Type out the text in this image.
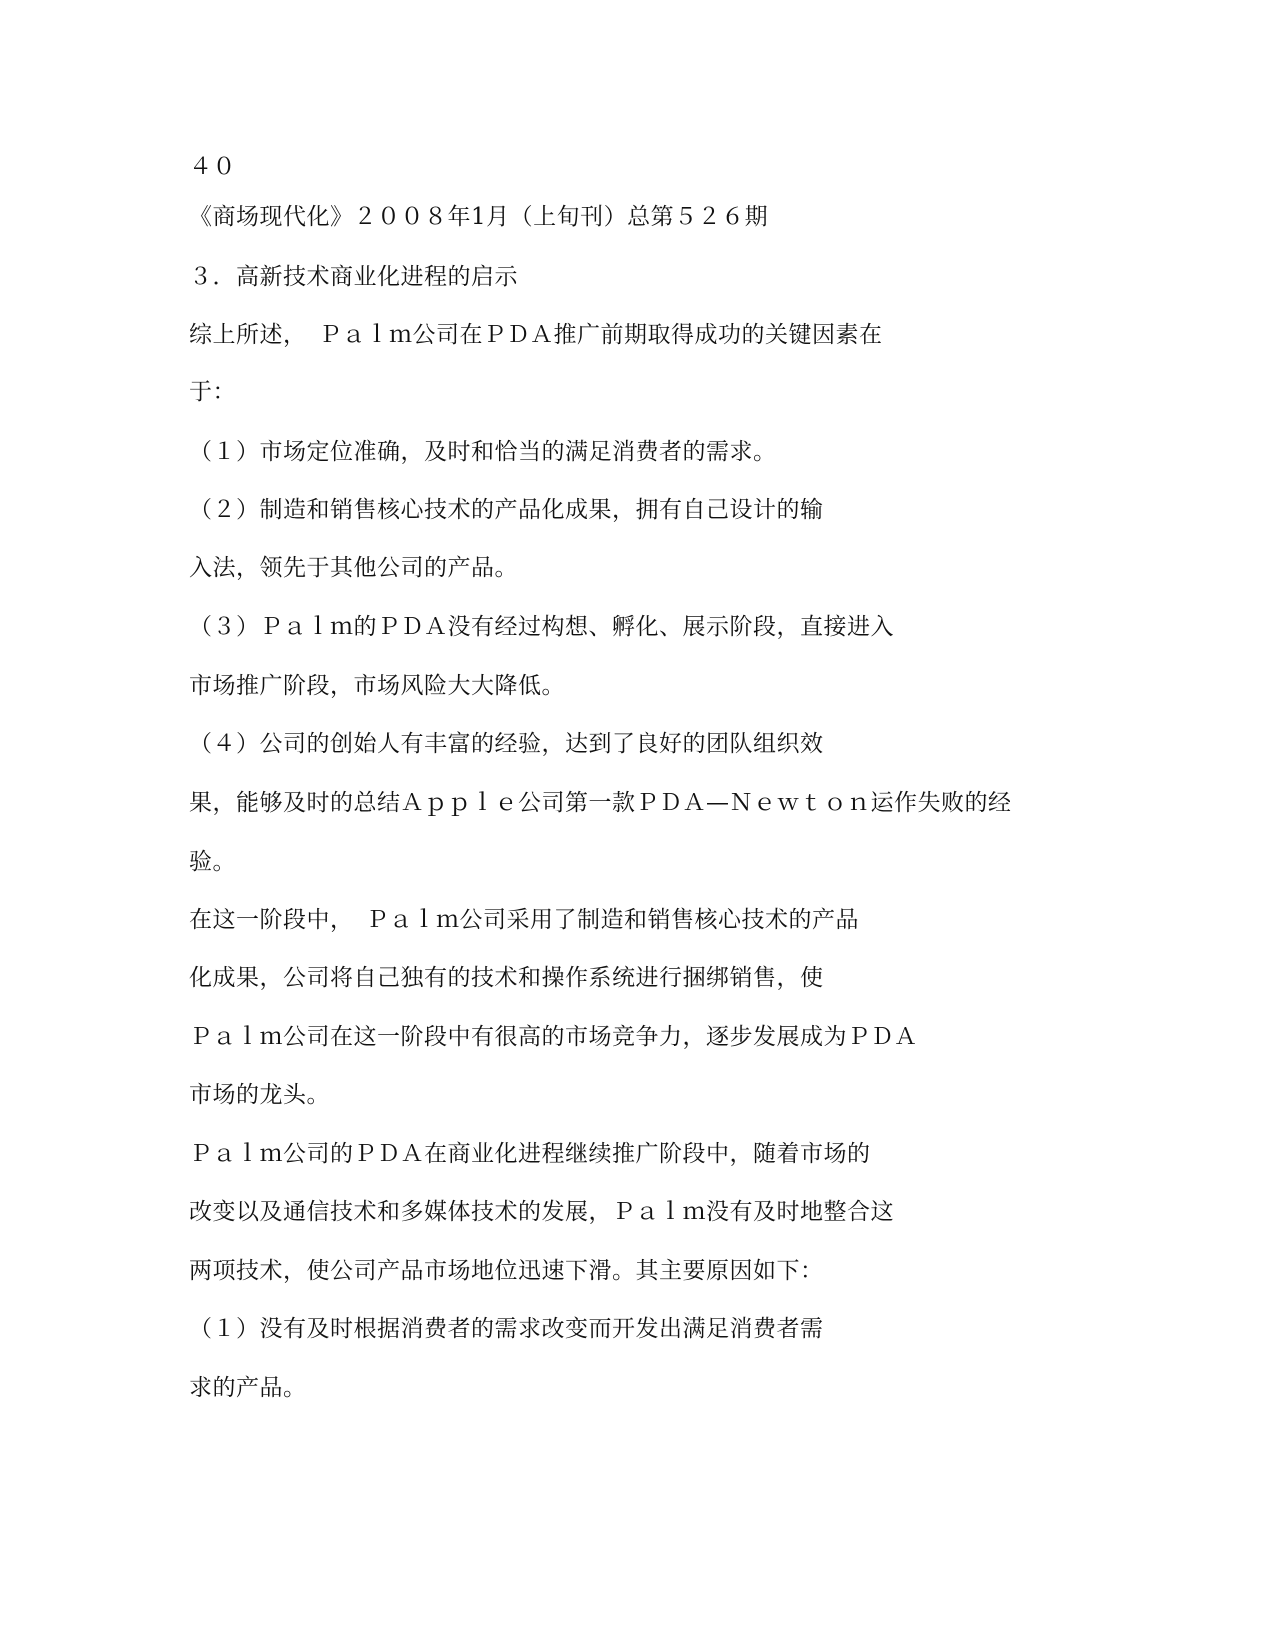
４０

《商场现代化》２００８年1月（上旬刊）总第５２６期

３．高新技术商业化进程的启示

综上所述，　Ｐａｌｍ公司在ＰＤＡ推广前期取得成功的关键因素在

于：

（１）市场定位准确，及时和恰当的满足消费者的需求。

（２）制造和销售核心技术的产品化成果，拥有自己设计的输

入法，领先于其他公司的产品。

（３）Ｐａｌｍ的ＰＤＡ没有经过构想、孵化、展示阶段，直接进入

市场推广阶段，市场风险大大降低。

（４）公司的创始人有丰富的经验，达到了良好的团队组织效

果，能够及时的总结Ａｐｐｌｅ公司第一款ＰＤＡ—Ｎｅｗｔｏｎ运作失败的经

验。

在这一阶段中，　Ｐａｌｍ公司采用了制造和销售核心技术的产品

化成果，公司将自己独有的技术和操作系统进行捆绑销售，使

Ｐａｌｍ公司在这一阶段中有很高的市场竞争力，逐步发展成为ＰＤＡ

市场的龙头。

Ｐａｌｍ公司的ＰＤＡ在商业化进程继续推广阶段中，随着市场的

改变以及通信技术和多媒体技术的发展，Ｐａｌｍ没有及时地整合这

两项技术，使公司产品市场地位迅速下滑。其主要原因如下：

（１）没有及时根据消费者的需求改变而开发出满足消费者需

求的产品。
